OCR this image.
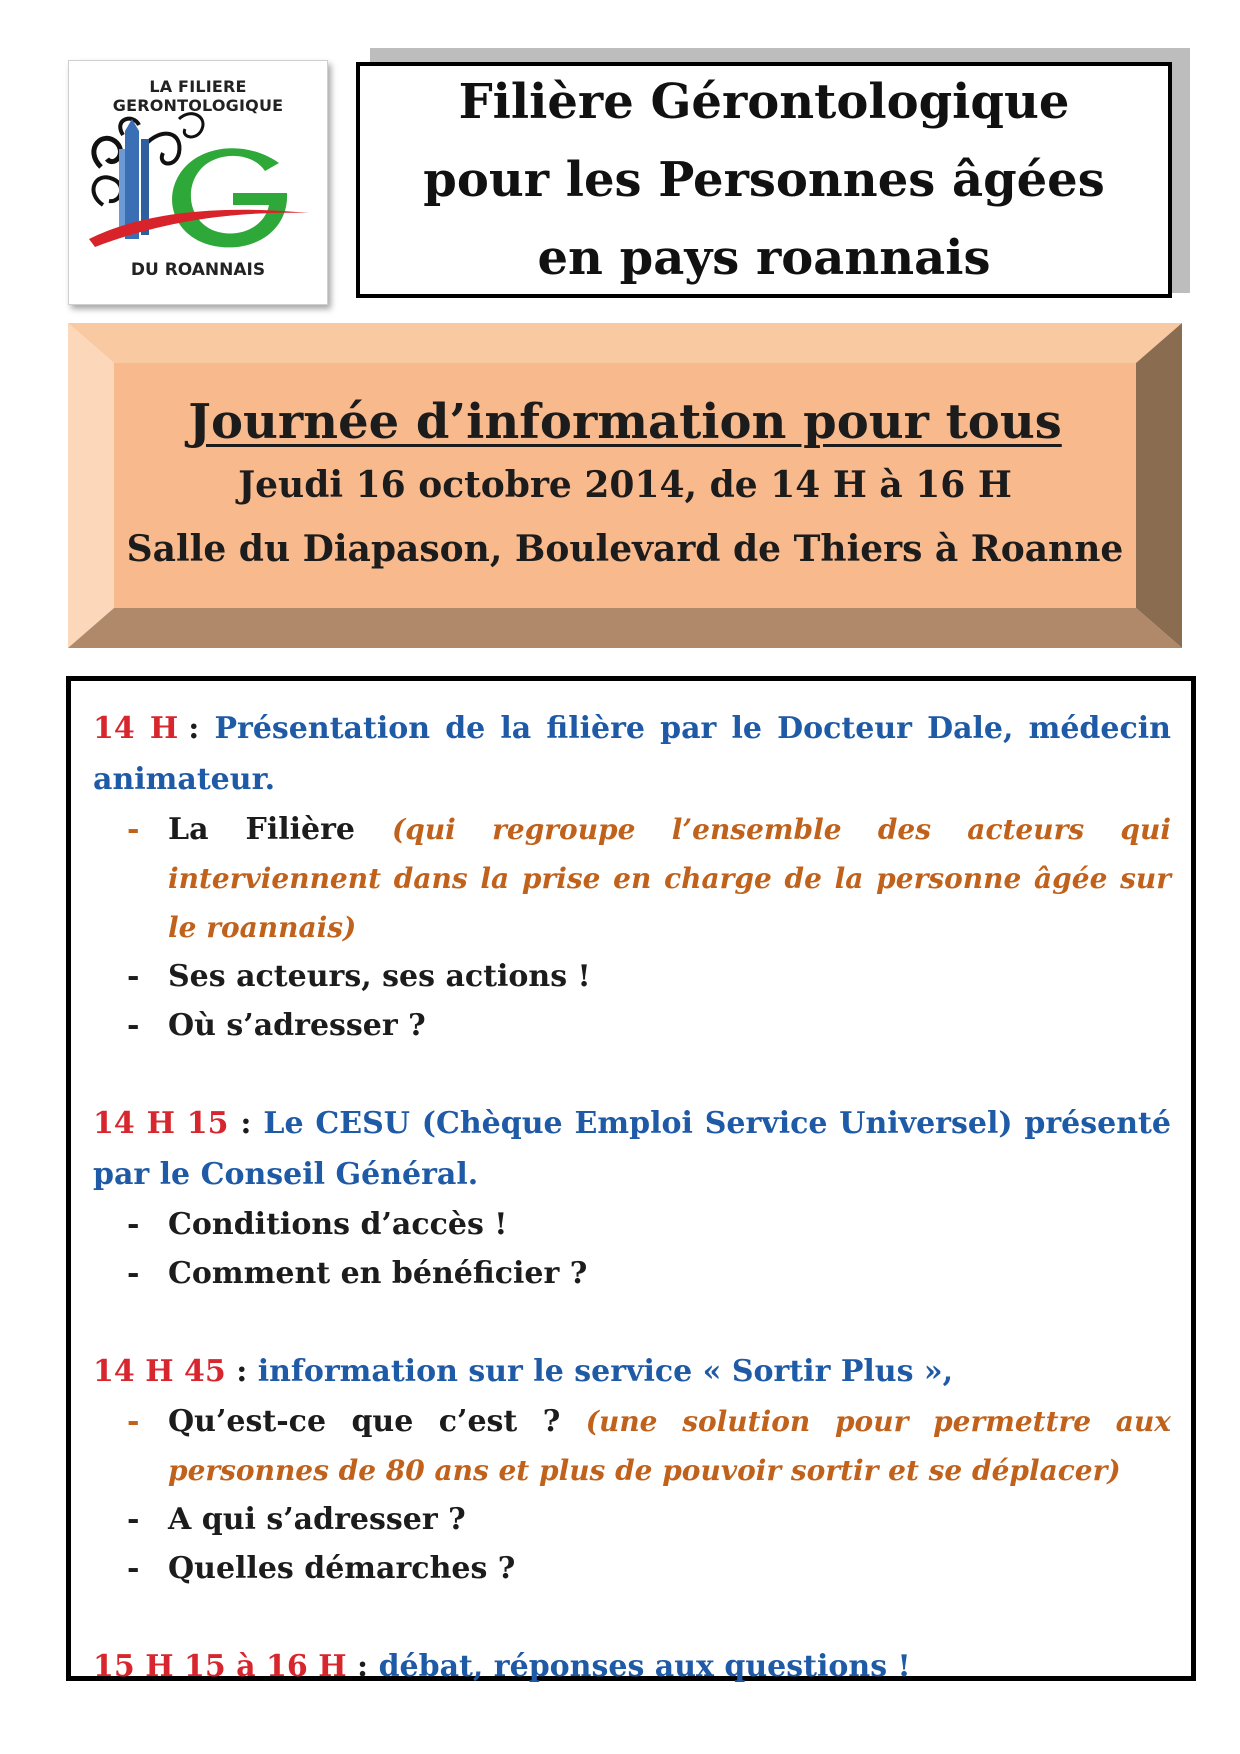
LA FILIERE GERONTOLOGIQUE
DU ROANNAIS
Filière Gérontologique
pour les Personnes âgées
en pays roannais
Journée d’information pour tous
Jeudi 16 octobre 2014, de 14 H à 16 H
Salle du Diapason, Boulevard de Thiers à Roanne

14 H : Présentation de la filière par le Docteur Dale, médecin animateur.

- La Filière (qui regroupe l’ensemble des acteurs qui interviennent dans la prise en charge de la personne âgée sur le roannais)
- Ses acteurs, ses actions !
- Où s’adresser ?

14 H 15 : Le CESU (Chèque Emploi Service Universel) présenté par le Conseil Général.

- Conditions d’accès !
- Comment en bénéficier ?

14 H 45 : information sur le service « Sortir Plus »,

- Qu’est-ce que c’est ? (une solution pour permettre aux personnes de 80 ans et plus de pouvoir sortir et se déplacer)
- A qui s’adresser ?
- Quelles démarches ?

15 H 15 à 16 H : débat, réponses aux questions !
